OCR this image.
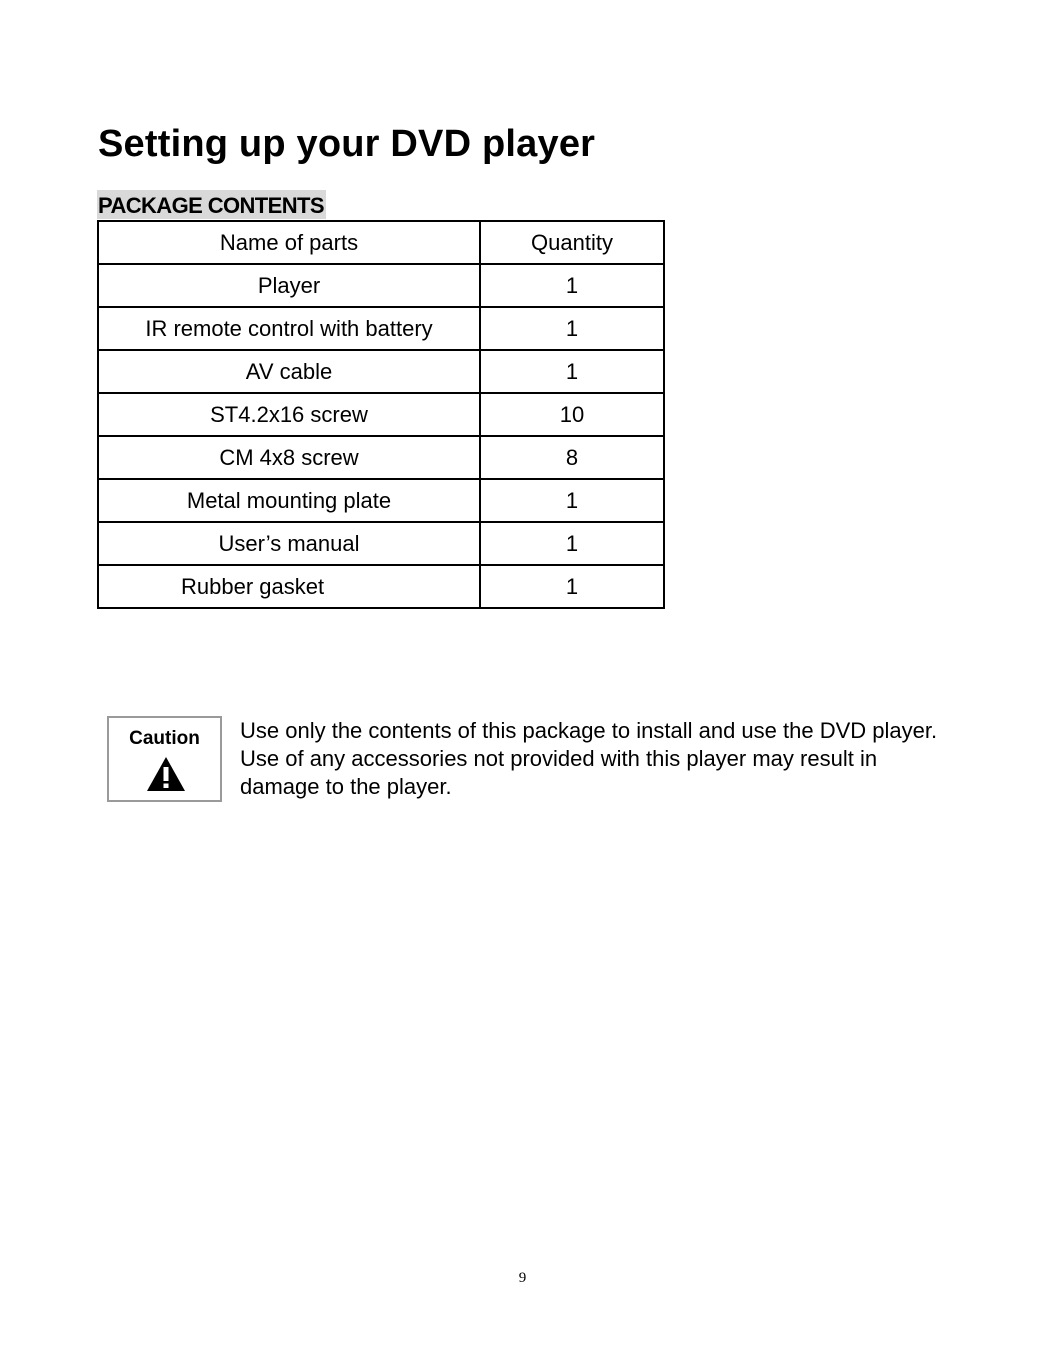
Setting up your DVD player
PACKAGE CONTENTS
Name of parts	Quantity
Player	1
IR remote control with battery	1
AV cable	1
ST4.2x16 screw	10
CM 4x8 screw	8
Metal mounting plate	1
User’s manual	1
Rubber gasket	1
Caution	Use only the contents of this package to install and use the DVD player. Use of any accessories not provided with this player may result in damage to the player.

9
